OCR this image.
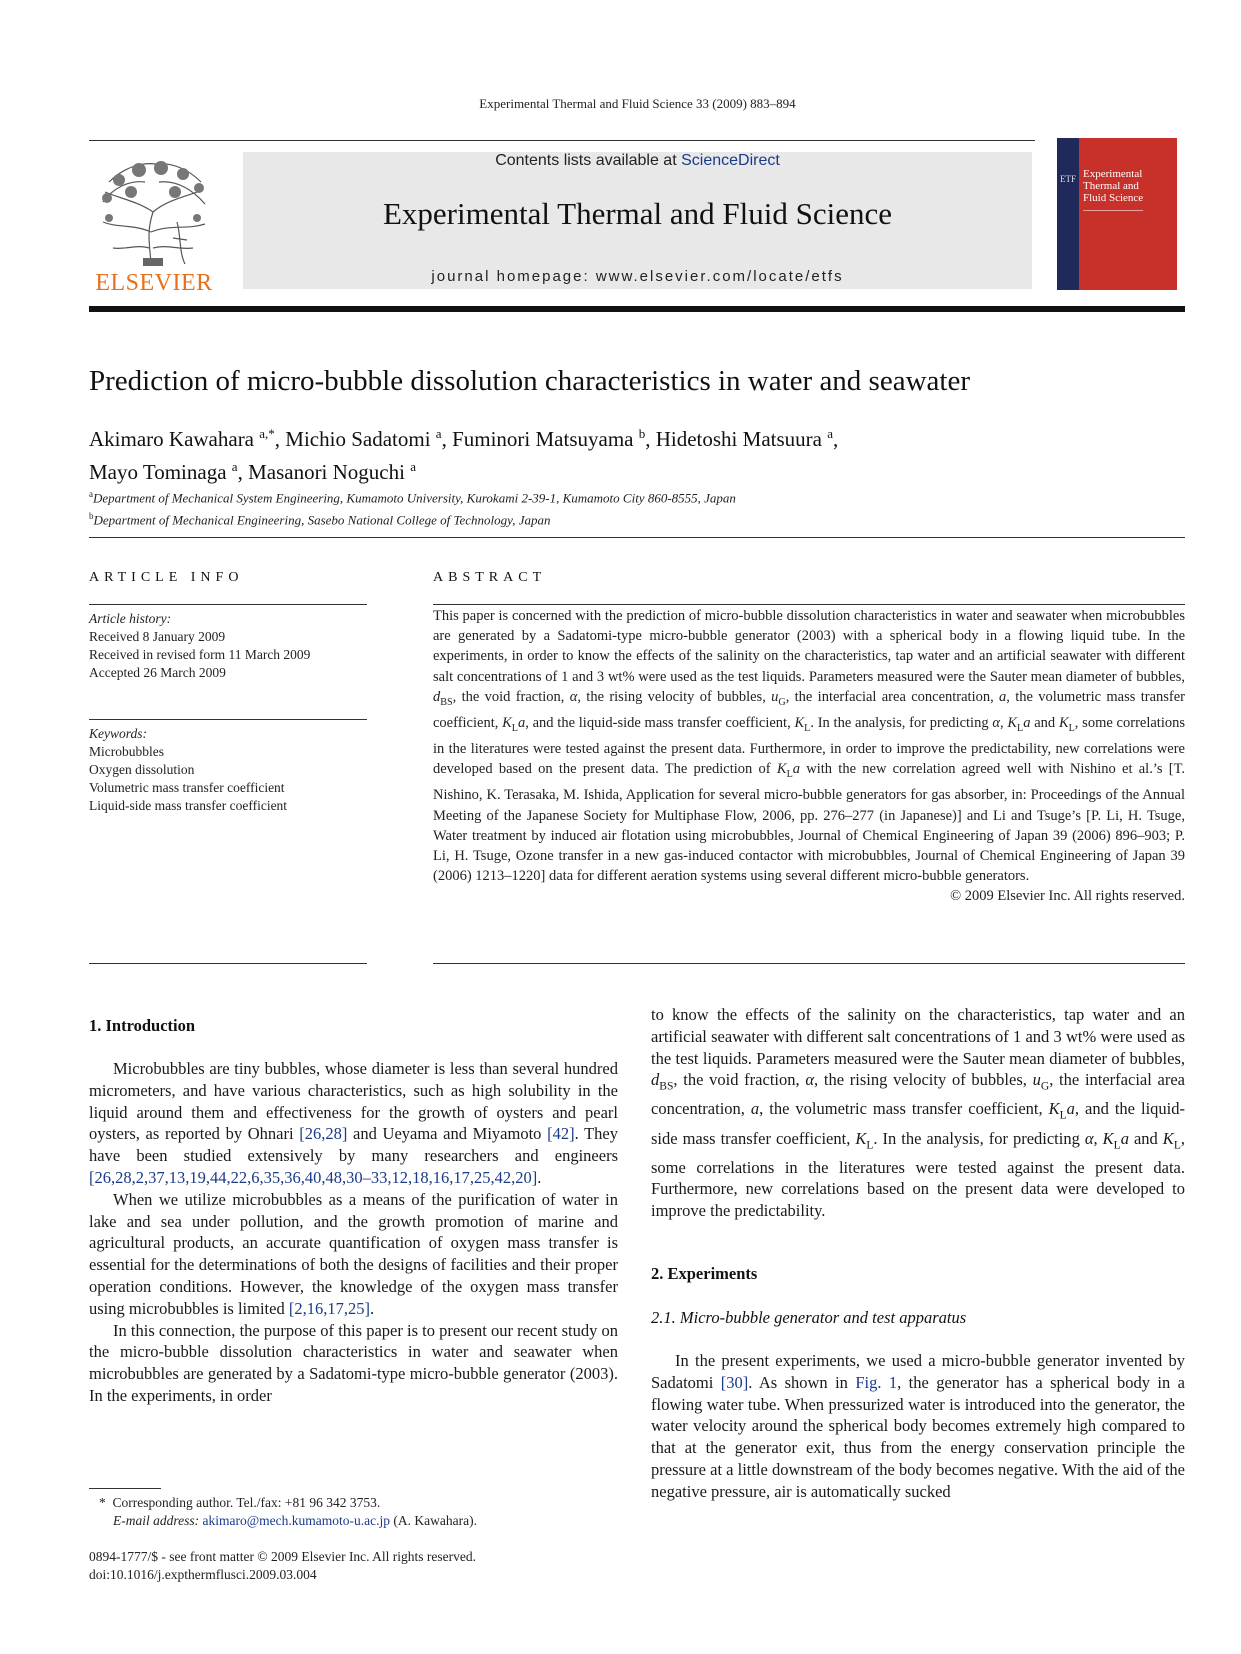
Experimental Thermal and Fluid Science 33 (2009) 883–894
ELSEVIER
Contents lists available at ScienceDirect
Experimental Thermal and Fluid Science
journal homepage: www.elsevier.com/locate/etfs
ETF Experimental
Thermal and
Fluid Science
Prediction of micro-bubble dissolution characteristics in water and seawater
Akimaro Kawahara $^{a,*}$, Michio Sadatomi $^a$, Fuminori Matsuyama $^b$, Hidetoshi Matsuura $^a$,
Mayo Tominaga $^a$, Masanori Noguchi $^a$
$^a$Department of Mechanical System Engineering, Kumamoto University, Kurokami 2-39-1, Kumamoto City 860-8555, Japan
$^b$Department of Mechanical Engineering, Sasebo National College of Technology, Japan
ARTICLE INFO
Article history:
Received 8 January 2009
Received in revised form 11 March 2009
Accepted 26 March 2009
Keywords:
Microbubbles
Oxygen dissolution
Volumetric mass transfer coefficient
Liquid-side mass transfer coefficient
ABSTRACT
This paper is concerned with the prediction of micro-bubble dissolution characteristics in water and seawater when microbubbles are generated by a Sadatomi-type micro-bubble generator (2003) with a spherical body in a flowing liquid tube. In the experiments, in order to know the effects of the salinity on the characteristics, tap water and an artificial seawater with different salt concentrations of 1 and 3 wt% were used as the test liquids. Parameters measured were the Sauter mean diameter of bubbles, $d_{BS}$, the void fraction, α, the rising velocity of bubbles, $u_G$, the interfacial area concentration, a, the volumetric mass transfer coefficient, $K_La$, and the liquid-side mass transfer coefficient, $K_L$. In the analysis, for predicting α, $K_La$ and $K_L$, some correlations in the literatures were tested against the present data. Furthermore, in order to improve the predictability, new correlations were developed based on the present data. The prediction of $K_La$ with the new correlation agreed well with Nishino et al.’s [T. Nishino, K. Terasaka, M. Ishida, Application for several micro-bubble generators for gas absorber, in: Proceedings of the Annual Meeting of the Japanese Society for Multiphase Flow, 2006, pp. 276–277 (in Japanese)] and Li and Tsuge’s [P. Li, H. Tsuge, Water treatment by induced air flotation using microbubbles, Journal of Chemical Engineering of Japan 39 (2006) 896–903; P. Li, H. Tsuge, Ozone transfer in a new gas-induced contactor with microbubbles, Journal of Chemical Engineering of Japan 39 (2006) 1213–1220] data for different aeration systems using several different micro-bubble generators.
© 2009 Elsevier Inc. All rights reserved.
1. Introduction

Microbubbles are tiny bubbles, whose diameter is less than several hundred micrometers, and have various characteristics, such as high solubility in the liquid around them and effectiveness for the growth of oysters and pearl oysters, as reported by Ohnari [26,28] and Ueyama and Miyamoto [42]. They have been studied extensively by many researchers and engineers [26,28,2,37,13,19,44,22,6,35,36,40,48,30–33,12,18,16,17,25,42,20].

When we utilize microbubbles as a means of the purification of water in lake and sea under pollution, and the growth promotion of marine and agricultural products, an accurate quantification of oxygen mass transfer is essential for the determinations of both the designs of facilities and their proper operation conditions. However, the knowledge of the oxygen mass transfer using microbubbles is limited [2,16,17,25].

In this connection, the purpose of this paper is to present our recent study on the micro-bubble dissolution characteristics in water and seawater when microbubbles are generated by a Sadatomi-type micro-bubble generator (2003). In the experiments, in order

* Corresponding author. Tel./fax: +81 96 342 3753.
E-mail address: akimaro@mech.kumamoto-u.ac.jp (A. Kawahara).
0894-1777/$ - see front matter © 2009 Elsevier Inc. All rights reserved.
doi:10.1016/j.expthermflusci.2009.03.004

to know the effects of the salinity on the characteristics, tap water and an artificial seawater with different salt concentrations of 1 and 3 wt% were used as the test liquids. Parameters measured were the Sauter mean diameter of bubbles, $d_{BS}$, the void fraction, α, the rising velocity of bubbles, $u_G$, the interfacial area concentration, a, the volumetric mass transfer coefficient, $K_La$, and the liquid-side mass transfer coefficient, $K_L$. In the analysis, for predicting α, $K_La$ and $K_L$, some correlations in the literatures were tested against the present data. Furthermore, new correlations based on the present data were developed to improve the predictability.

2. Experiments
2.1. Micro-bubble generator and test apparatus

In the present experiments, we used a micro-bubble generator invented by Sadatomi [30]. As shown in Fig. 1, the generator has a spherical body in a flowing water tube. When pressurized water is introduced into the generator, the water velocity around the spherical body becomes extremely high compared to that at the generator exit, thus from the energy conservation principle the pressure at a little downstream of the body becomes negative. With the aid of the negative pressure, air is automatically sucked
